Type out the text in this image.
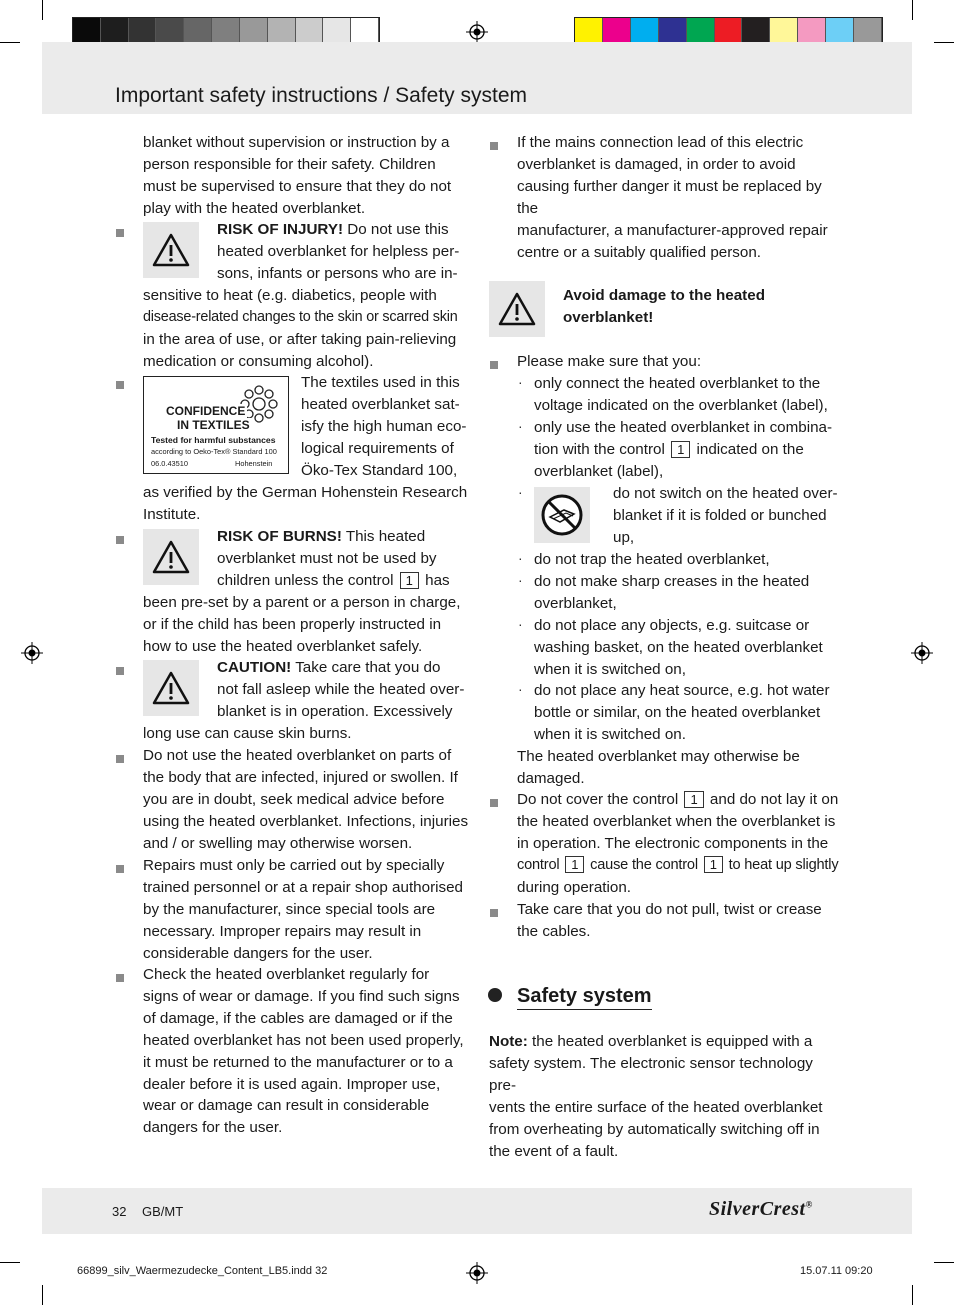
Important safety instructions / Safety system

blanket without supervision or instruction by a

person responsible for their safety. Children

must be supervised to ensure that they do not

play with the heated overblanket.

RISK OF INJURY! Do not use this

heated overblanket for helpless per-

sons, infants or persons who are in-

sensitive to heat (e.g. diabetics, people with

disease-related changes to the skin or scarred skin

in the area of use, or after taking pain-relieving

medication or consuming alcohol).

CONFIDENCE
IN TEXTILES
Tested for harmful substances
according to Oeko-Tex® Standard 100
06.0.43510	Hohenstein

The textiles used in this

heated overblanket sat-

isfy the high human eco-

logical requirements of

Öko-Tex Standard 100,

as verified by the German Hohenstein Research

Institute.

RISK OF BURNS! This heated

overblanket must not be used by

children unless the control 1 has

been pre-set by a parent or a person in charge,

or if the child has been properly instructed in

how to use the heated overblanket safely.

CAUTION! Take care that you do

not fall asleep while the heated over-

blanket is in operation. Excessively

long use can cause skin burns.

Do not use the heated overblanket on parts of

the body that are infected, injured or swollen. If

you are in doubt, seek medical advice before

using the heated overblanket. Infections, injuries

and / or swelling may otherwise worsen.

Repairs must only be carried out by specially

trained personnel or at a repair shop authorised

by the manufacturer, since special tools are

necessary. Improper repairs may result in

considerable dangers for the user.

Check the heated overblanket regularly for

signs of wear or damage. If you find such signs

of damage, if the cables are damaged or if the

heated overblanket has not been used properly,

it must be returned to the manufacturer or to a

dealer before it is used again. Improper use,

wear or damage can result in considerable

dangers for the user.

If the mains connection lead of this electric

overblanket is damaged, in order to avoid

causing further danger it must be replaced by the

manufacturer, a manufacturer-approved repair

centre or a suitably qualified person.

Avoid damage to the heated

overblanket!

Please make sure that you:
· only connect the heated overblanket to the

voltage indicated on the overblanket (label),

· only use the heated overblanket in combina-

tion with the control 1 indicated on the

overblanket (label),

·	do not switch on the heated over-

blanket if it is folded or bunched

up,

· do not trap the heated overblanket,
· do not make sharp creases in the heated

overblanket,

· do not place any objects, e.g. suitcase or

washing basket, on the heated overblanket

when it is switched on,

· do not place any heat source, e.g. hot water

bottle or similar, on the heated overblanket

when it is switched on.

The heated overblanket may otherwise be

damaged.

Do not cover the control 1 and do not lay it on

the heated overblanket when the overblanket is

in operation. The electronic components in the

control 1 cause the control 1 to heat up slightly

during operation.

Take care that you do not pull, twist or crease

the cables.

Safety system

Note: the heated overblanket is equipped with a

safety system. The electronic sensor technology pre-

vents the entire surface of the heated overblanket

from overheating by automatically switching off in

the event of a fault.

32 GB/MT	SilverCrest®
66899_silv_Waermezudecke_Content_LB5.indd 32	15.07.11 09:20
